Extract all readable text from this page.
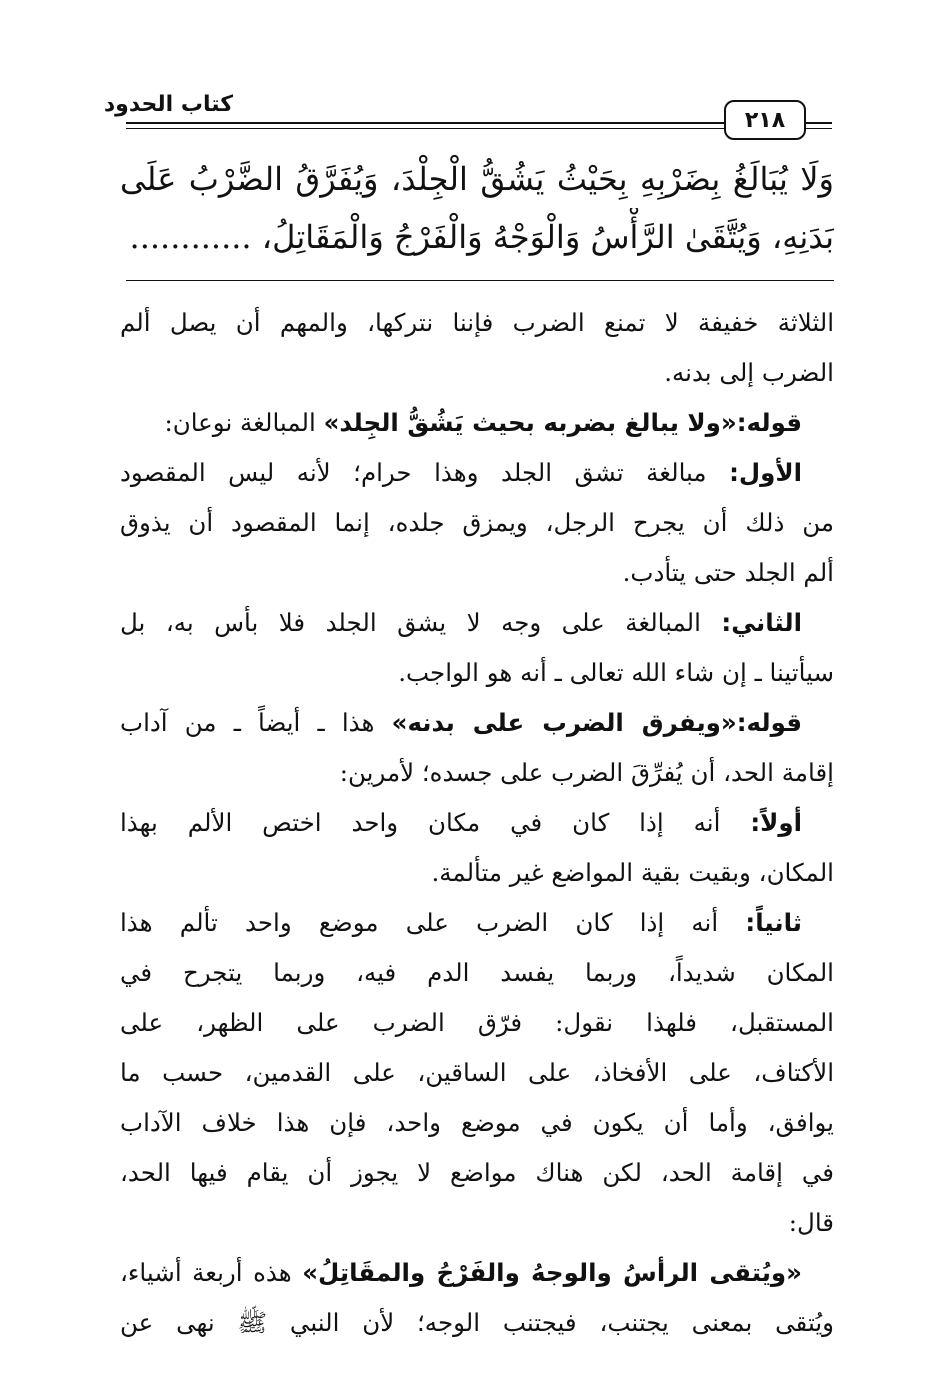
كتاب الحدود
٢١٨
وَلَا يُبَالَغُ بِضَرْبِهِ بِحَيْثُ يَشُقُّ الْجِلْدَ، وَيُفَرَّقُ الضَّرْبُ عَلَى
بَدَنِهِ، وَيُتَّقَىٰ الرَّأْسُ وَالْوَجْهُ وَالْفَرْجُ وَالْمَقَاتِلُ، ............
الثلاثة خفيفة لا تمنع الضرب فإننا نتركها، والمهم أن يصل ألم
الضرب إلى بدنه.
قوله:«ولا يبالغ بضربه بحيث يَشُقُّ الجِلد» المبالغة نوعان:
الأول: مبالغة تشق الجلد وهذا حرام؛ لأنه ليس المقصود
من ذلك أن يجرح الرجل، ويمزق جلده، إنما المقصود أن يذوق
ألم الجلد حتى يتأدب.
الثاني: المبالغة على وجه لا يشق الجلد فلا بأس به، بل
سيأتينا ـ إن شاء الله تعالى ـ أنه هو الواجب.
قوله:«ويفرق الضرب على بدنه» هذا ـ أيضاً ـ من آداب
إقامة الحد، أن يُفرِّقَ الضرب على جسده؛ لأمرين:
أولاً: أنه إذا كان في مكان واحد اختص الألم بهذا
المكان، وبقيت بقية المواضع غير متألمة.
ثانياً: أنه إذا كان الضرب على موضع واحد تألم هذا
المكان شديداً، وربما يفسد الدم فيه، وربما يتجرح في
المستقبل، فلهذا نقول: فرّق الضرب على الظهر، على
الأكتاف، على الأفخاذ، على الساقين، على القدمين، حسب ما
يوافق، وأما أن يكون في موضع واحد، فإن هذا خلاف الآداب
في إقامة الحد، لكن هناك مواضع لا يجوز أن يقام فيها الحد،
قال:
«ويُتقى الرأسُ والوجهُ والفَرْجُ والمقَاتِلُ» هذه أربعة أشياء،
ويُتقى بمعنى يجتنب، فيجتنب الوجه؛ لأن النبي ﷺ نهى عن
